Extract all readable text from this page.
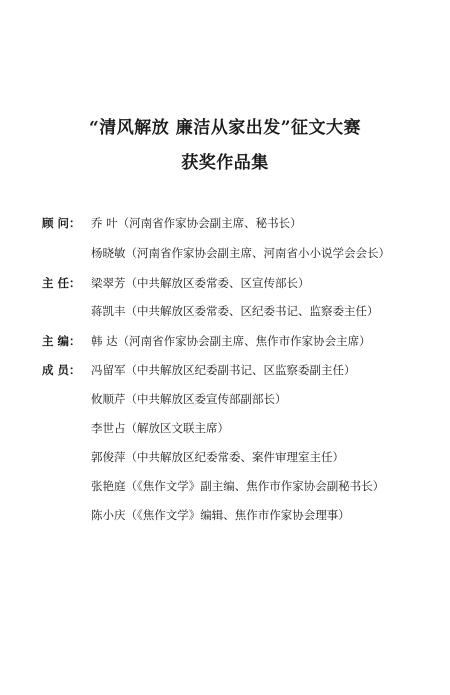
“清风解放 廉洁从家出发”征文大赛
获奖作品集
顾 问： 乔 叶（河南省作家协会副主席、秘书长）
杨晓敏（河南省作家协会副主席、河南省小小说学会会长）
主 任： 梁翠芳（中共解放区委常委、区宣传部长）
蒋凯丰（中共解放区委常委、区纪委书记、监察委主任）
主 编： 韩 达（河南省作家协会副主席、焦作市作家协会主席）
成 员： 冯留军（中共解放区纪委副书记、区监察委副主任）
攸顺芹（中共解放区委宣传部副部长）
李世占（解放区文联主席）
郭俊萍（中共解放区纪委常委、案件审理室主任）
张艳庭（《焦作文学》副主编、焦作市作家协会副秘书长）
陈小庆（《焦作文学》编辑、焦作市作家协会理事）
